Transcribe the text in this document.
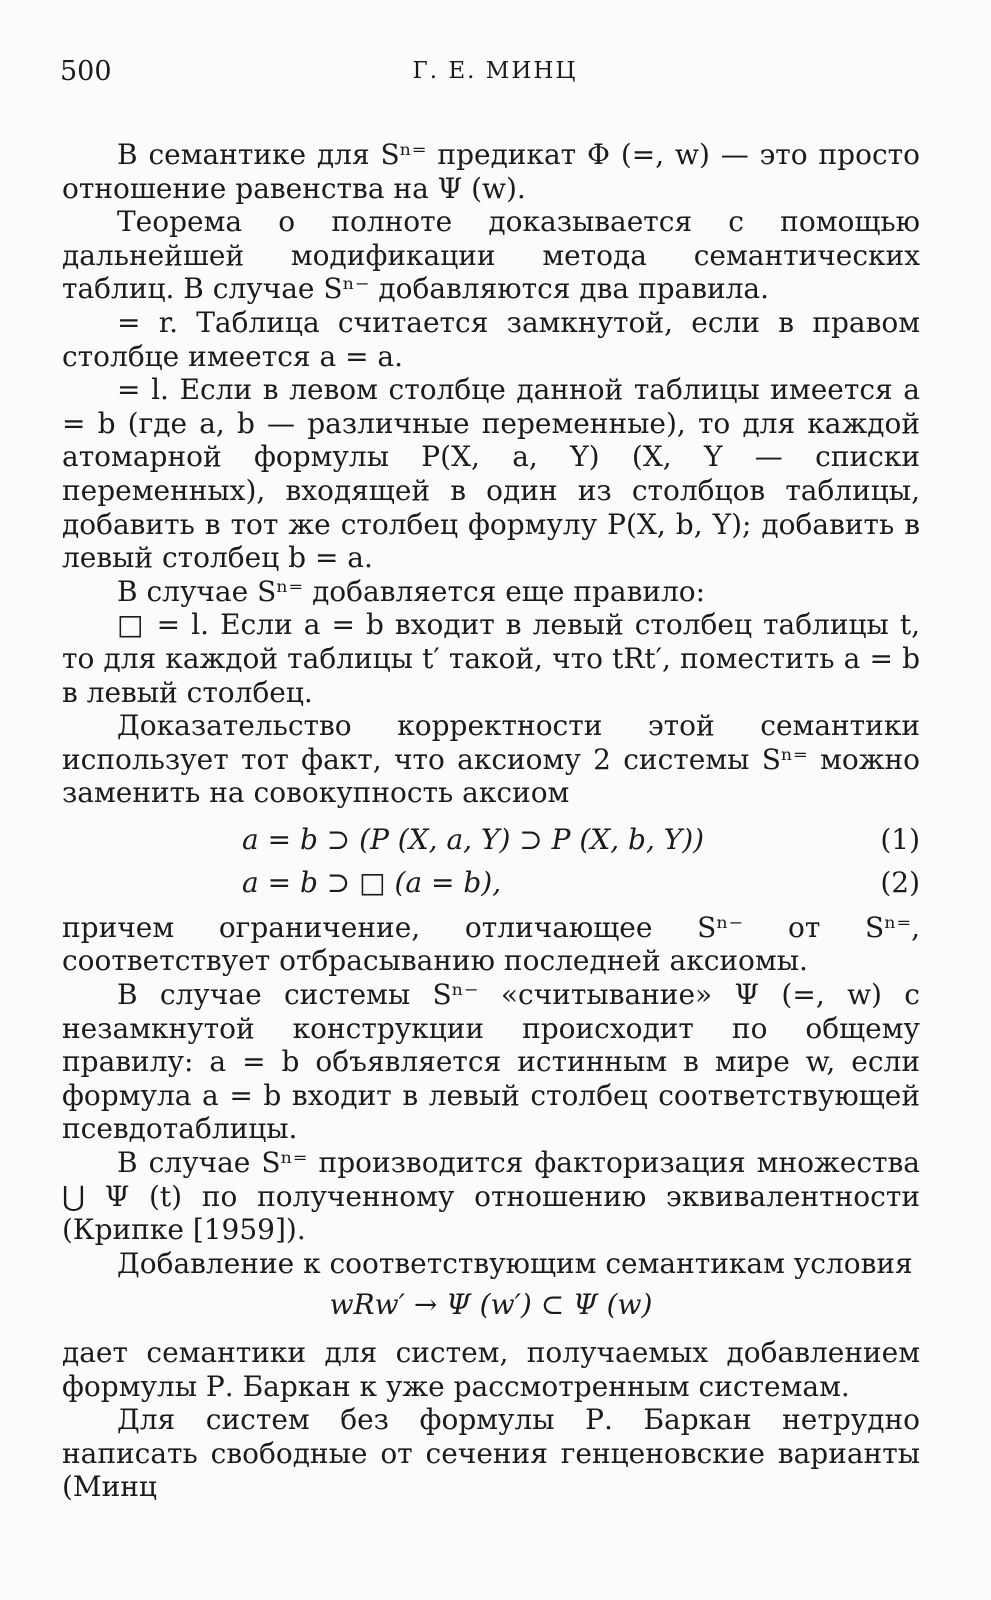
500	Г. Е. МИНЦ

В семантике для Sⁿ⁼ предикат Φ (=, w) — это просто отношение равенства на Ψ (w).

Теорема о полноте доказывается с помощью дальнейшей модификации метода семантических таблиц. В случае Sⁿ⁻ добавляются два правила.

= r. Таблица считается замкнутой, если в правом столбце имеется a = a.

= l. Если в левом столбце данной таблицы имеется a = b (где a, b — различные переменные), то для каждой атомарной формулы P(X, a, Y) (X, Y — списки переменных), входящей в один из столбцов таблицы, добавить в тот же столбец формулу P(X, b, Y); добавить в левый столбец b = a.

В случае Sⁿ⁼ добавляется еще правило:

□ = l. Если a = b входит в левый столбец таблицы t, то для каждой таблицы t′ такой, что tRt′, поместить a = b в левый столбец.

Доказательство корректности этой семантики использует тот факт, что аксиому 2 системы Sⁿ⁼ можно заменить на совокупность аксиом

a = b ⊃ (P (X, a, Y) ⊃ P (X, b, Y))	(1)
a = b ⊃ □ (a = b),	(2)

причем ограничение, отличающее Sⁿ⁻ от Sⁿ⁼, соответствует отбрасыванию последней аксиомы.

В случае системы Sⁿ⁻ «считывание» Ψ (=, w) с незамкнутой конструкции происходит по общему правилу: a = b объявляется истинным в мире w, если формула a = b входит в левый столбец соответствующей псевдотаблицы.

В случае Sⁿ⁼ производится факторизация множества ⋃ Ψ (t) по полученному отношению эквивалентности (Крипке [1959]).

Добавление к соответствующим семантикам условия

wRw′ → Ψ (w′) ⊂ Ψ (w)

дает семантики для систем, получаемых добавлением формулы Р. Баркан к уже рассмотренным системам.

Для систем без формулы Р. Баркан нетрудно написать свободные от сечения генценовские варианты (Минц
